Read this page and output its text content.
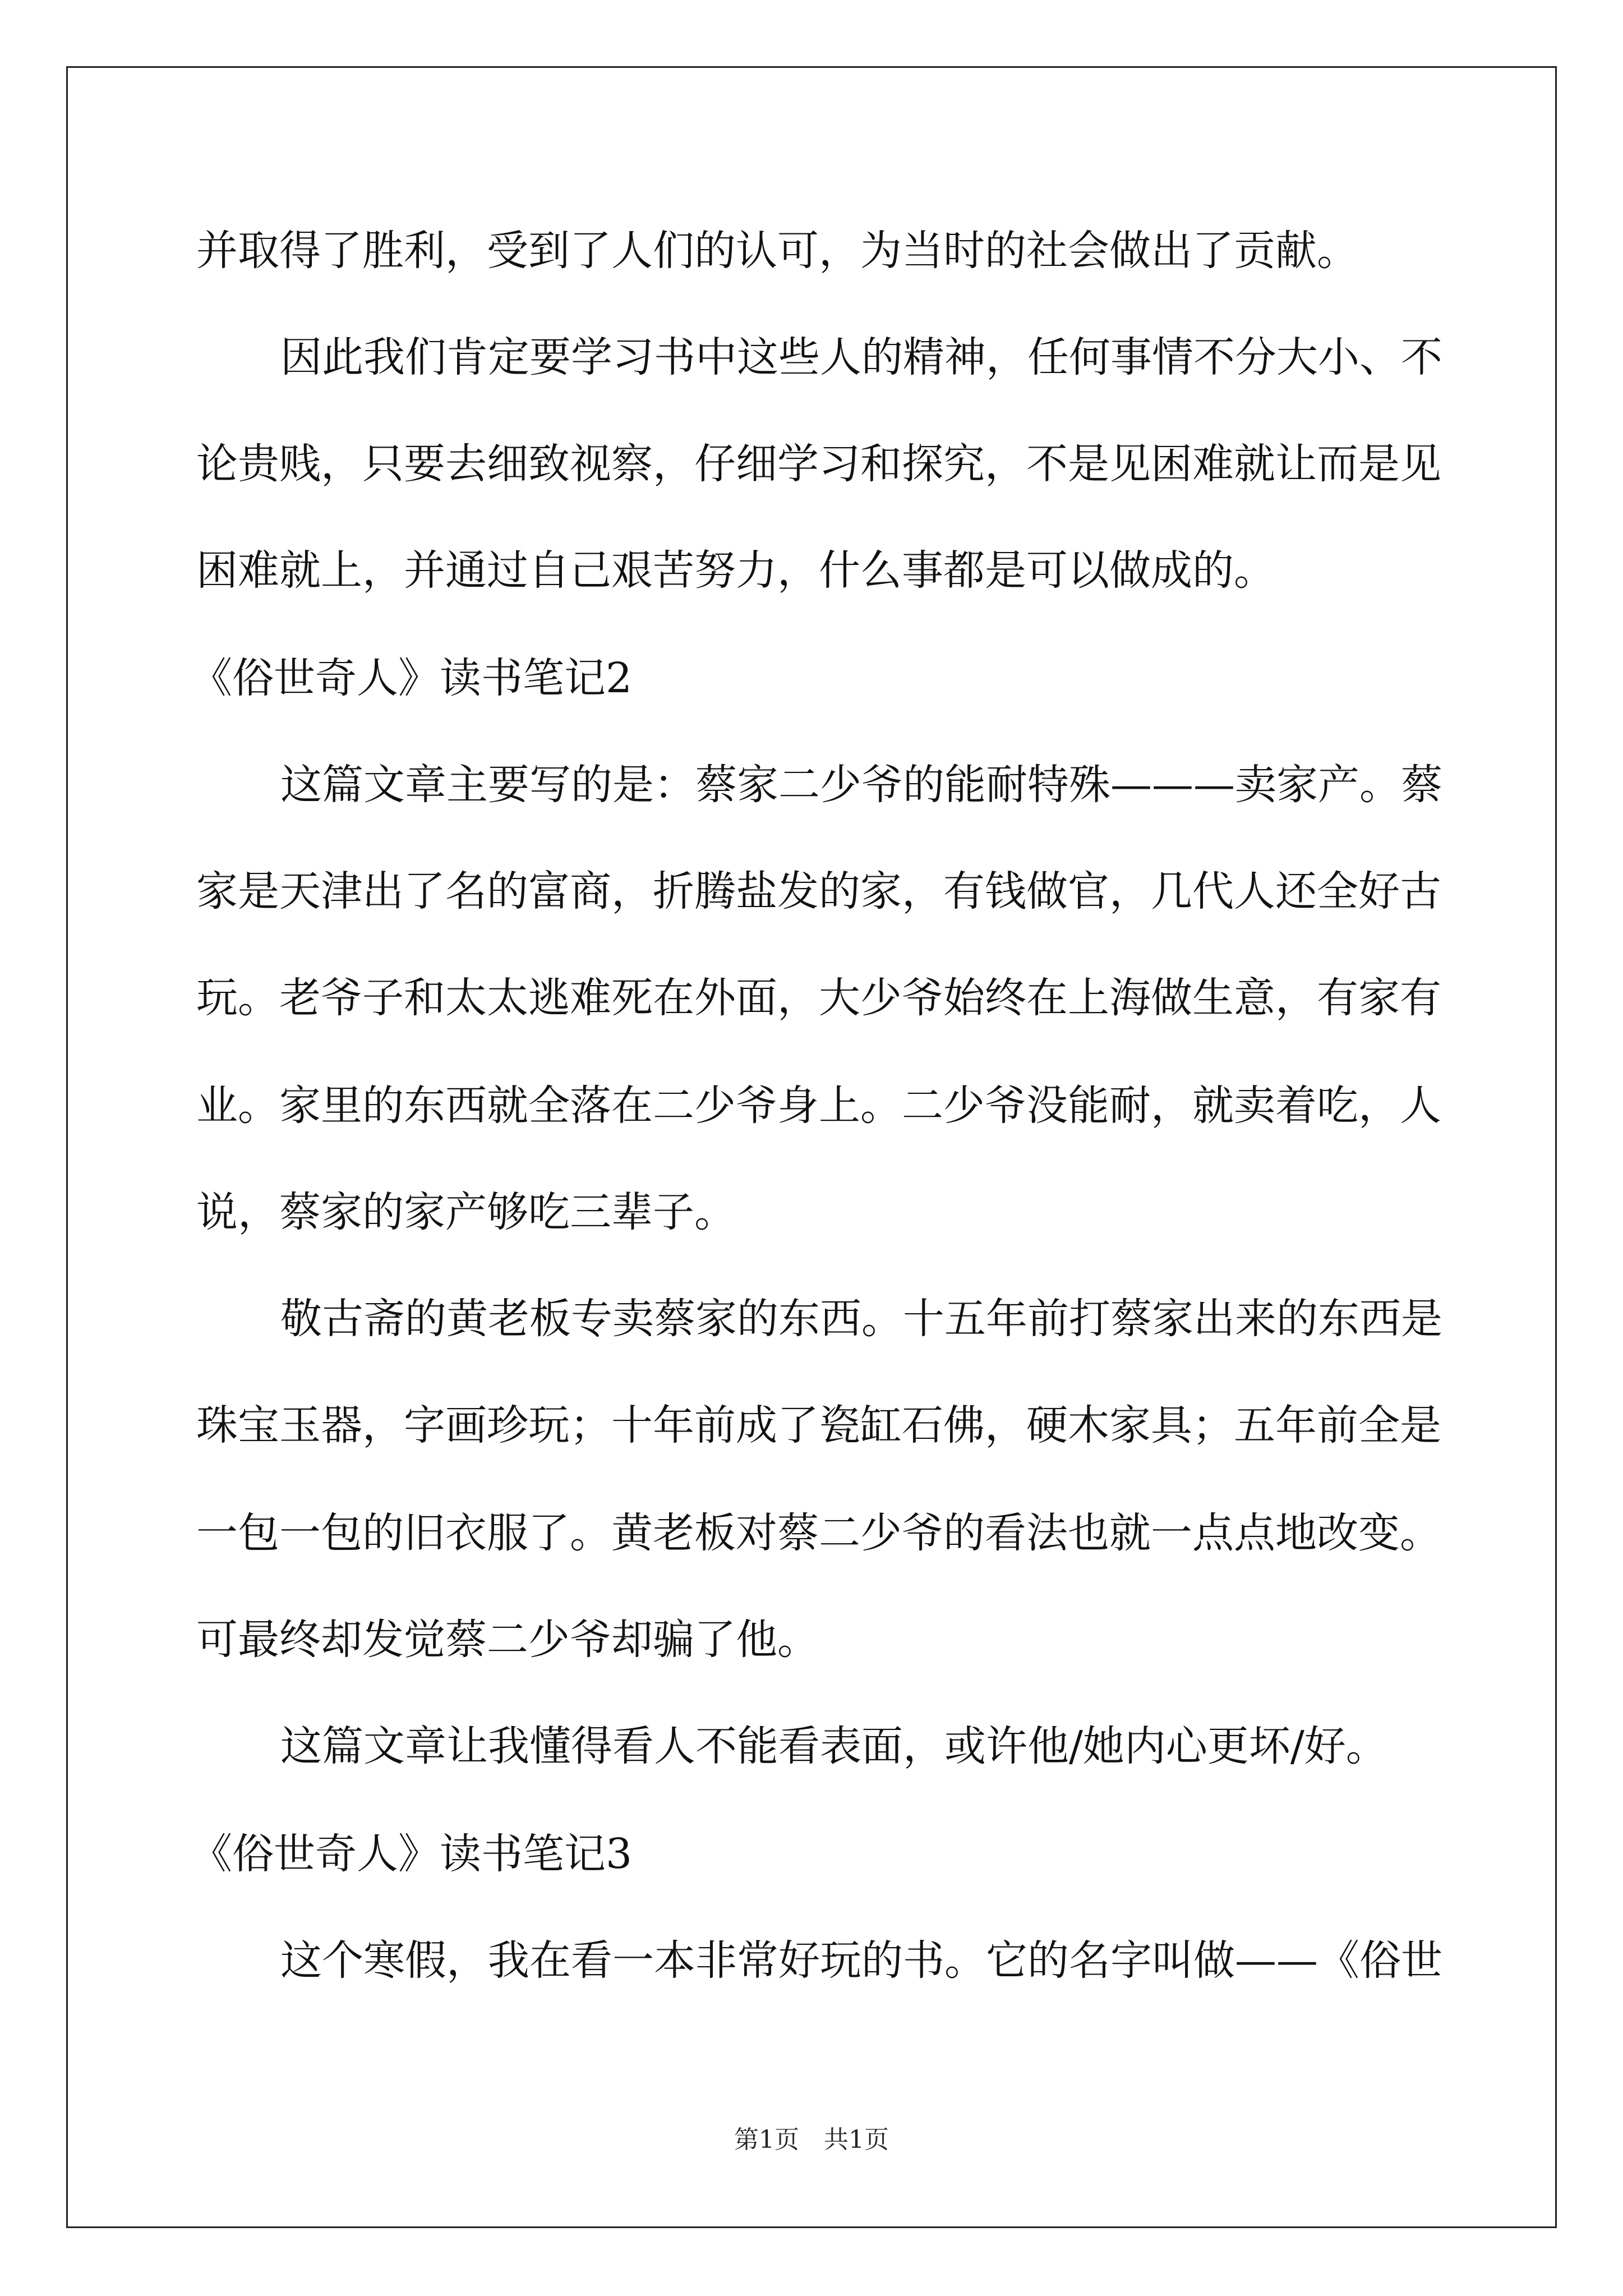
并取得了胜利，受到了人们的认可，为当时的社会做出了贡献。
因此我们肯定要学习书中这些人的精神，任何事情不分大小、不
论贵贱，只要去细致视察，仔细学习和探究，不是见困难就让而是见
困难就上，并通过自己艰苦努力，什么事都是可以做成的。
《俗世奇人》读书笔记2
这篇文章主要写的是：蔡家二少爷的能耐特殊———卖家产。蔡
家是天津出了名的富商，折腾盐发的家，有钱做官，几代人还全好古
玩。老爷子和太太逃难死在外面，大少爷始终在上海做生意，有家有
业。家里的东西就全落在二少爷身上。二少爷没能耐，就卖着吃，人
说，蔡家的家产够吃三辈子。
敬古斋的黄老板专卖蔡家的东西。十五年前打蔡家出来的东西是
珠宝玉器，字画珍玩；十年前成了瓷缸石佛，硬木家具；五年前全是
一包一包的旧衣服了。黄老板对蔡二少爷的看法也就一点点地改变。
可最终却发觉蔡二少爷却骗了他。
这篇文章让我懂得看人不能看表面，或许他/她内心更坏/好。
《俗世奇人》读书笔记3
这个寒假，我在看一本非常好玩的书。它的名字叫做——《俗世
第1页　共1页
